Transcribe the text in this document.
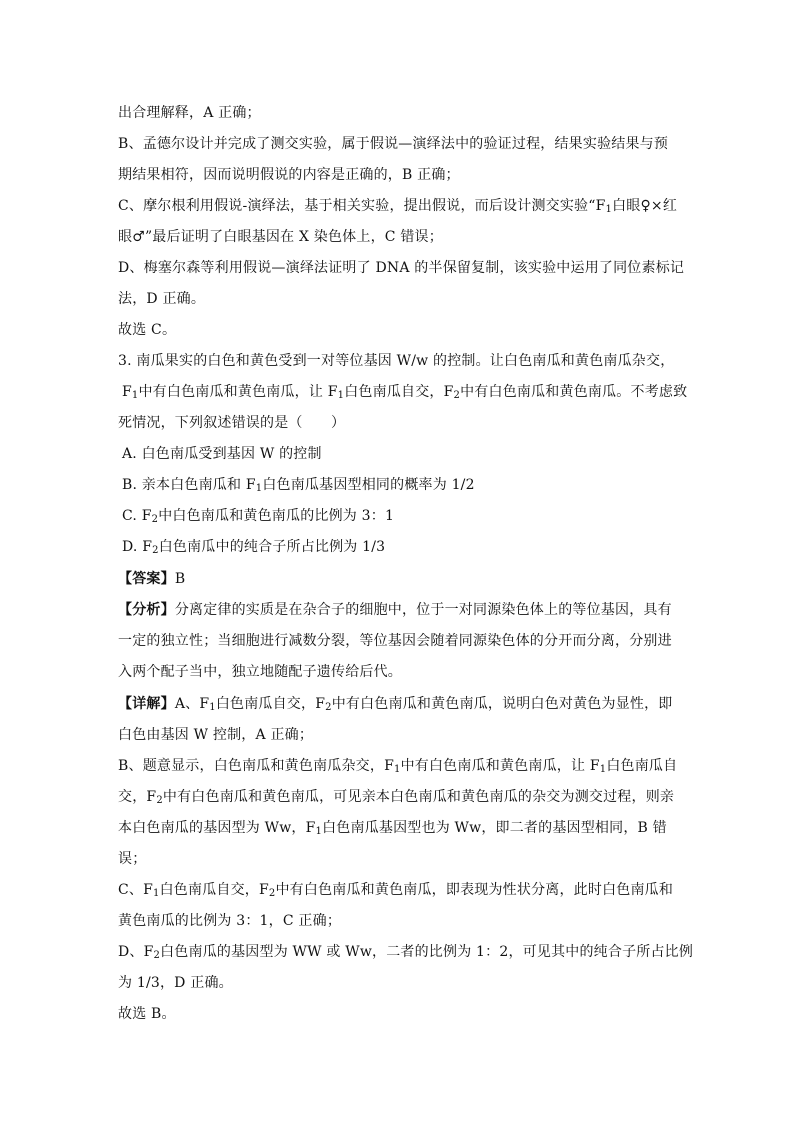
出合理解释，A 正确；
B、孟德尔设计并完成了测交实验，属于假说—演绎法中的验证过程，结果实验结果与预
期结果相符，因而说明假说的内容是正确的，B 正确；
C、摩尔根利用假说-演绎法，基于相关实验，提出假说，而后设计测交实验“$F_1$白眼♀×红
眼♂”最后证明了白眼基因在 X 染色体上，C 错误；
D、梅塞尔森等利用假说—演绎法证明了 DNA 的半保留复制，该实验中运用了同位素标记
法，D 正确。
故选 C。
3. 南瓜果实的白色和黄色受到一对等位基因 W/w 的控制。让白色南瓜和黄色南瓜杂交，
$F_1$中有白色南瓜和黄色南瓜，让 $F_1$白色南瓜自交，$F_2$中有白色南瓜和黄色南瓜。不考虑致
死情况，下列叙述错误的是（　　）
A. 白色南瓜受到基因 W 的控制
B. 亲本白色南瓜和 $F_1$白色南瓜基因型相同的概率为 1/2
C. $F_2$中白色南瓜和黄色南瓜的比例为 3：1
D. $F_2$白色南瓜中的纯合子所占比例为 1/3
【答案】B
【分析】分离定律的实质是在杂合子的细胞中，位于一对同源染色体上的等位基因，具有
一定的独立性；当细胞进行减数分裂，等位基因会随着同源染色体的分开而分离，分别进
入两个配子当中，独立地随配子遗传给后代。
【详解】A、$F_1$白色南瓜自交，$F_2$中有白色南瓜和黄色南瓜，说明白色对黄色为显性，即
白色由基因 W 控制，A 正确；
B、题意显示，白色南瓜和黄色南瓜杂交，$F_1$中有白色南瓜和黄色南瓜，让 $F_1$白色南瓜自
交，$F_2$中有白色南瓜和黄色南瓜，可见亲本白色南瓜和黄色南瓜的杂交为测交过程，则亲
本白色南瓜的基因型为 Ww，$F_1$白色南瓜基因型也为 Ww，即二者的基因型相同，B 错
误；
C、$F_1$白色南瓜自交，$F_2$中有白色南瓜和黄色南瓜，即表现为性状分离，此时白色南瓜和
黄色南瓜的比例为 3：1，C 正确；
D、$F_2$白色南瓜的基因型为 WW 或 Ww，二者的比例为 1：2，可见其中的纯合子所占比例
为 1/3，D 正确。
故选 B。
